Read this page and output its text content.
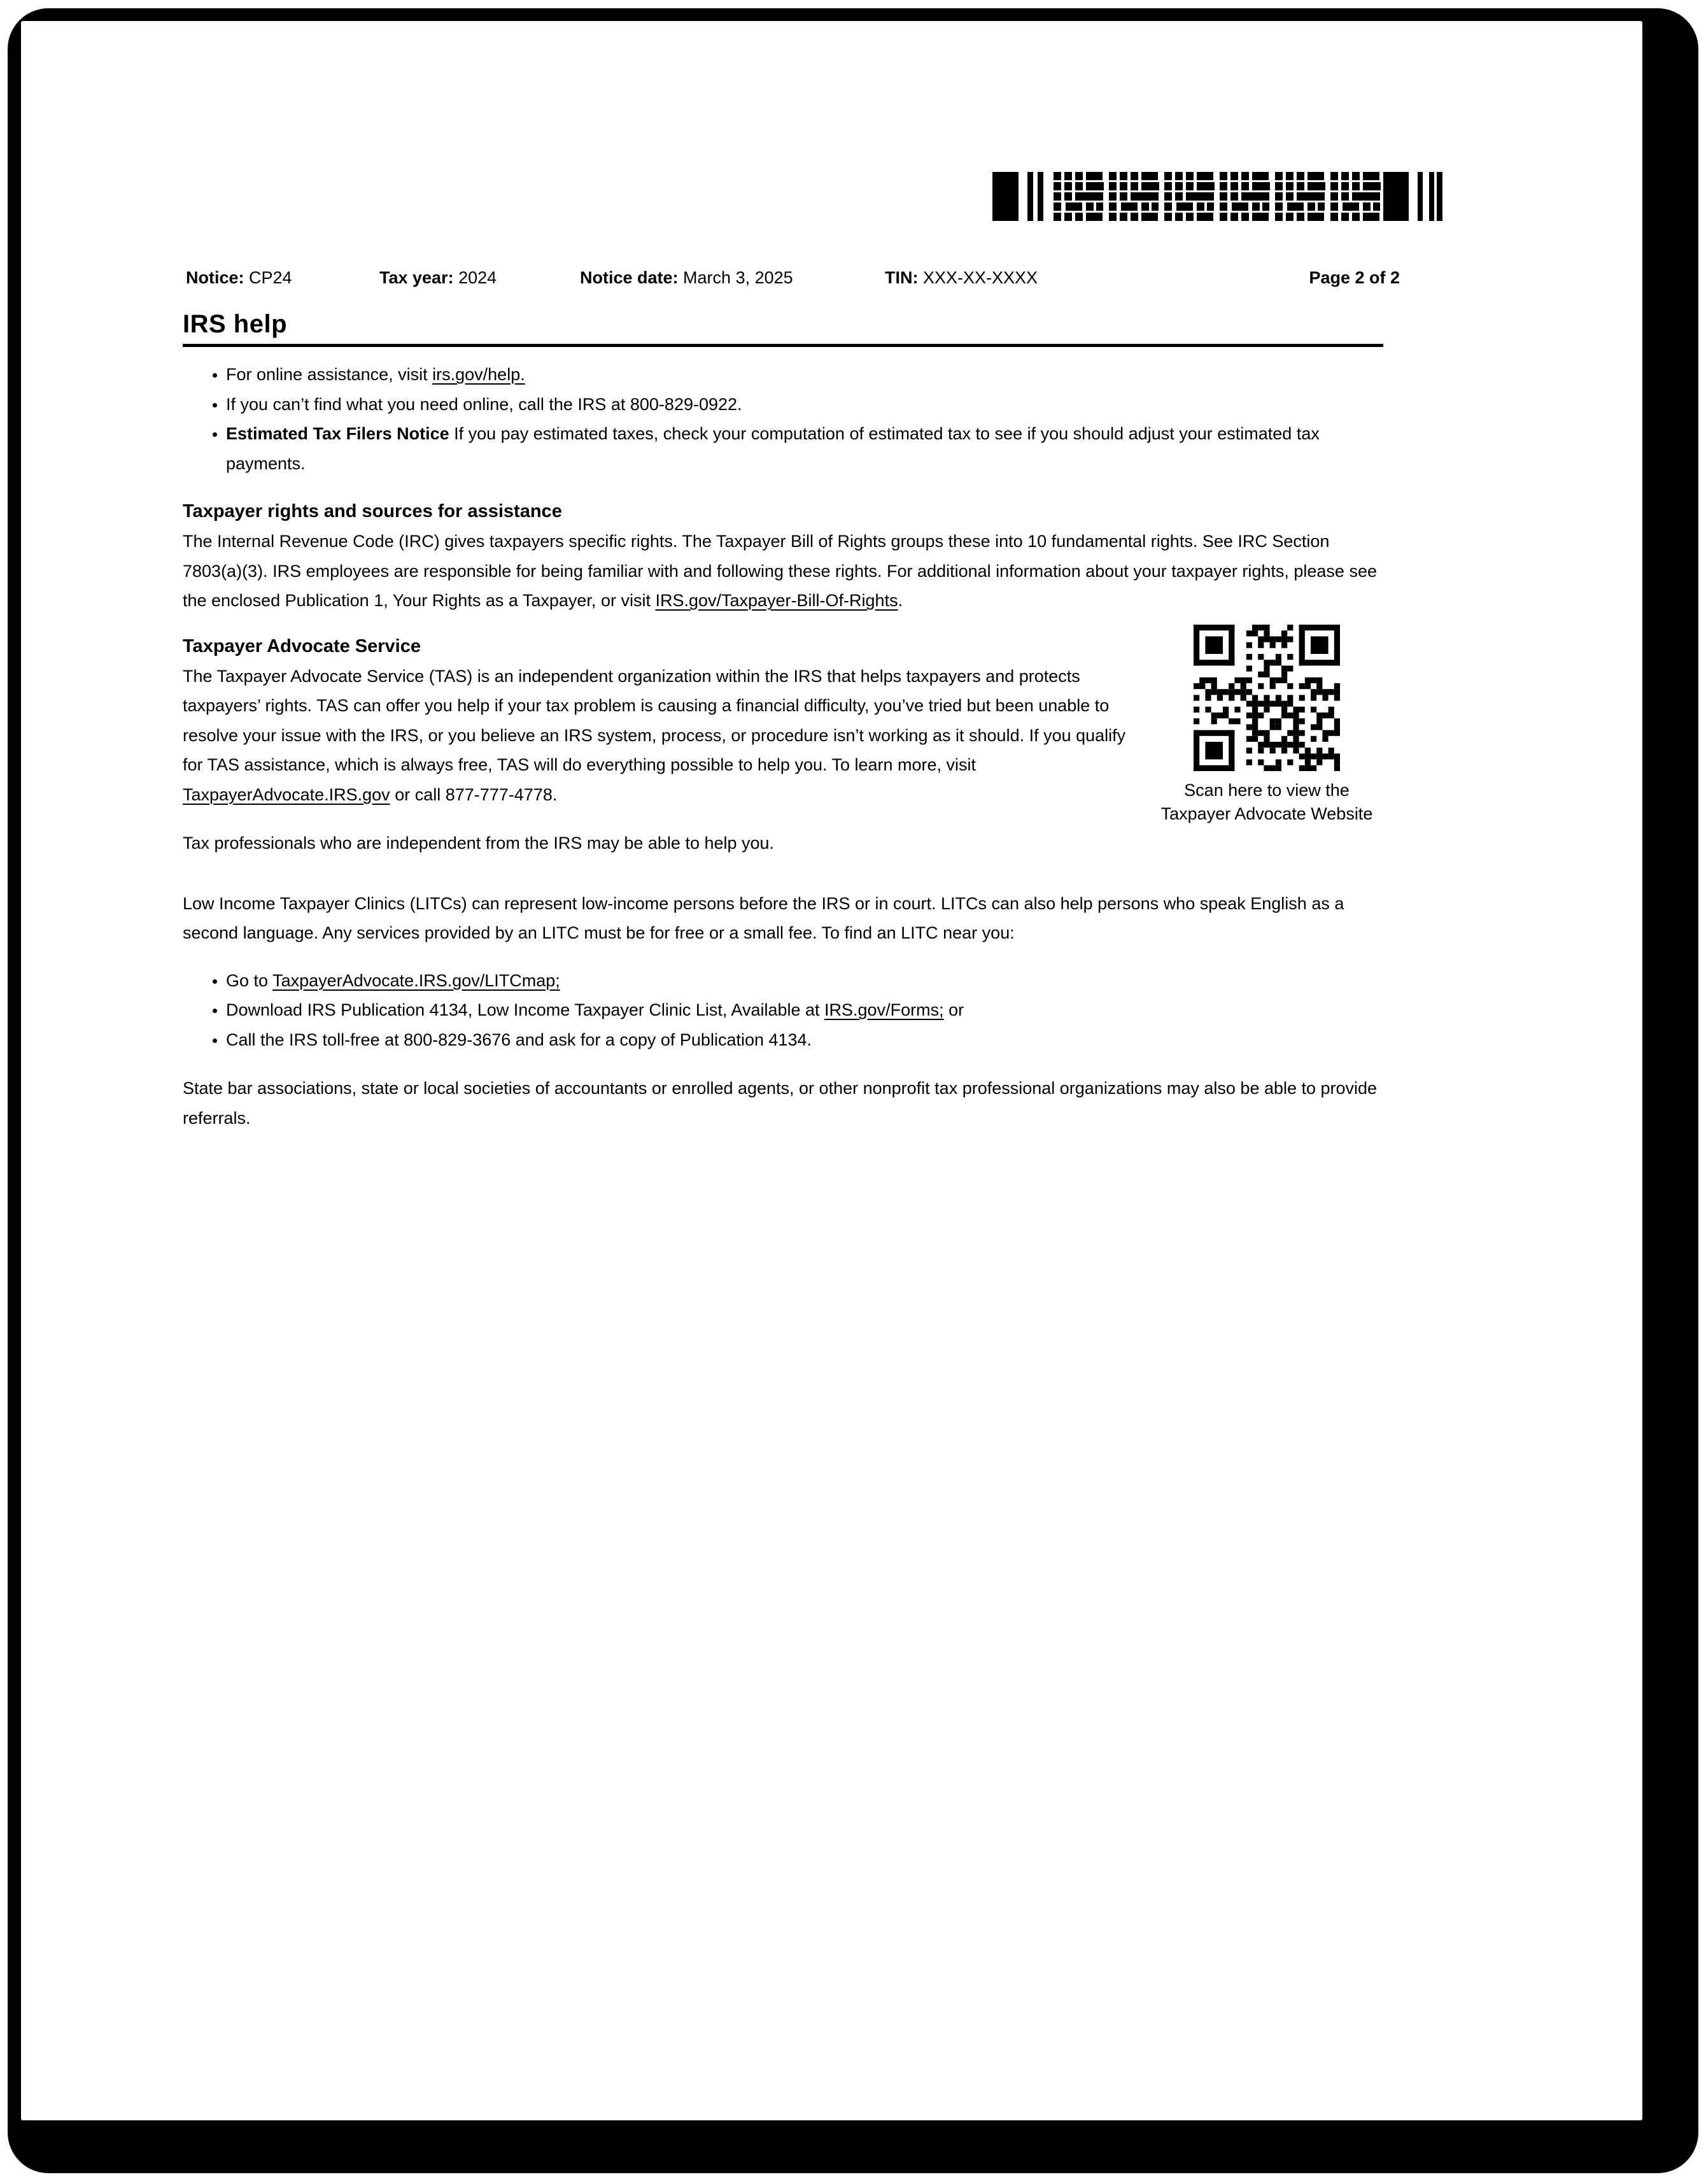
Notice: CP24	Tax year: 2024	Notice date: March 3, 2025	TIN: XXX-XX-XXXX	Page 2 of 2
IRS help
• For online assistance, visit irs.gov/help.
• If you can’t find what you need online, call the IRS at 800-829-0922.
• Estimated Tax Filers Notice If you pay estimated taxes, check your computation of estimated tax to see if you should adjust your estimated tax payments.
Taxpayer rights and sources for assistance

The Internal Revenue Code (IRC) gives taxpayers specific rights. The Taxpayer Bill of Rights groups these into 10 fundamental rights. See IRC Section 7803(a)(3). IRS employees are responsible for being familiar with and following these rights. For additional information about your taxpayer rights, please see the enclosed Publication 1, Your Rights as a Taxpayer, or visit IRS.gov/Taxpayer-Bill-Of-Rights.

Taxpayer Advocate Service

The Taxpayer Advocate Service (TAS) is an independent organization within the IRS that helps taxpayers and protects taxpayers’ rights. TAS can offer you help if your tax problem is causing a financial difficulty, you’ve tried but been unable to resolve your issue with the IRS, or you believe an IRS system, process, or procedure isn’t working as it should. If you qualify for TAS assistance, which is always free, TAS will do everything possible to help you. To learn more, visit TaxpayerAdvocate.IRS.gov or call 877-777-4778.

Tax professionals who are independent from the IRS may be able to help you.

Scan here to view the
Taxpayer Advocate Website

Low Income Taxpayer Clinics (LITCs) can represent low-income persons before the IRS or in court. LITCs can also help persons who speak English as a second language. Any services provided by an LITC must be for free or a small fee. To find an LITC near you:

• Go to TaxpayerAdvocate.IRS.gov/LITCmap;
• Download IRS Publication 4134, Low Income Taxpayer Clinic List, Available at IRS.gov/Forms; or
• Call the IRS toll-free at 800-829-3676 and ask for a copy of Publication 4134.

State bar associations, state or local societies of accountants or enrolled agents, or other nonprofit tax professional organizations may also be able to provide referrals.
